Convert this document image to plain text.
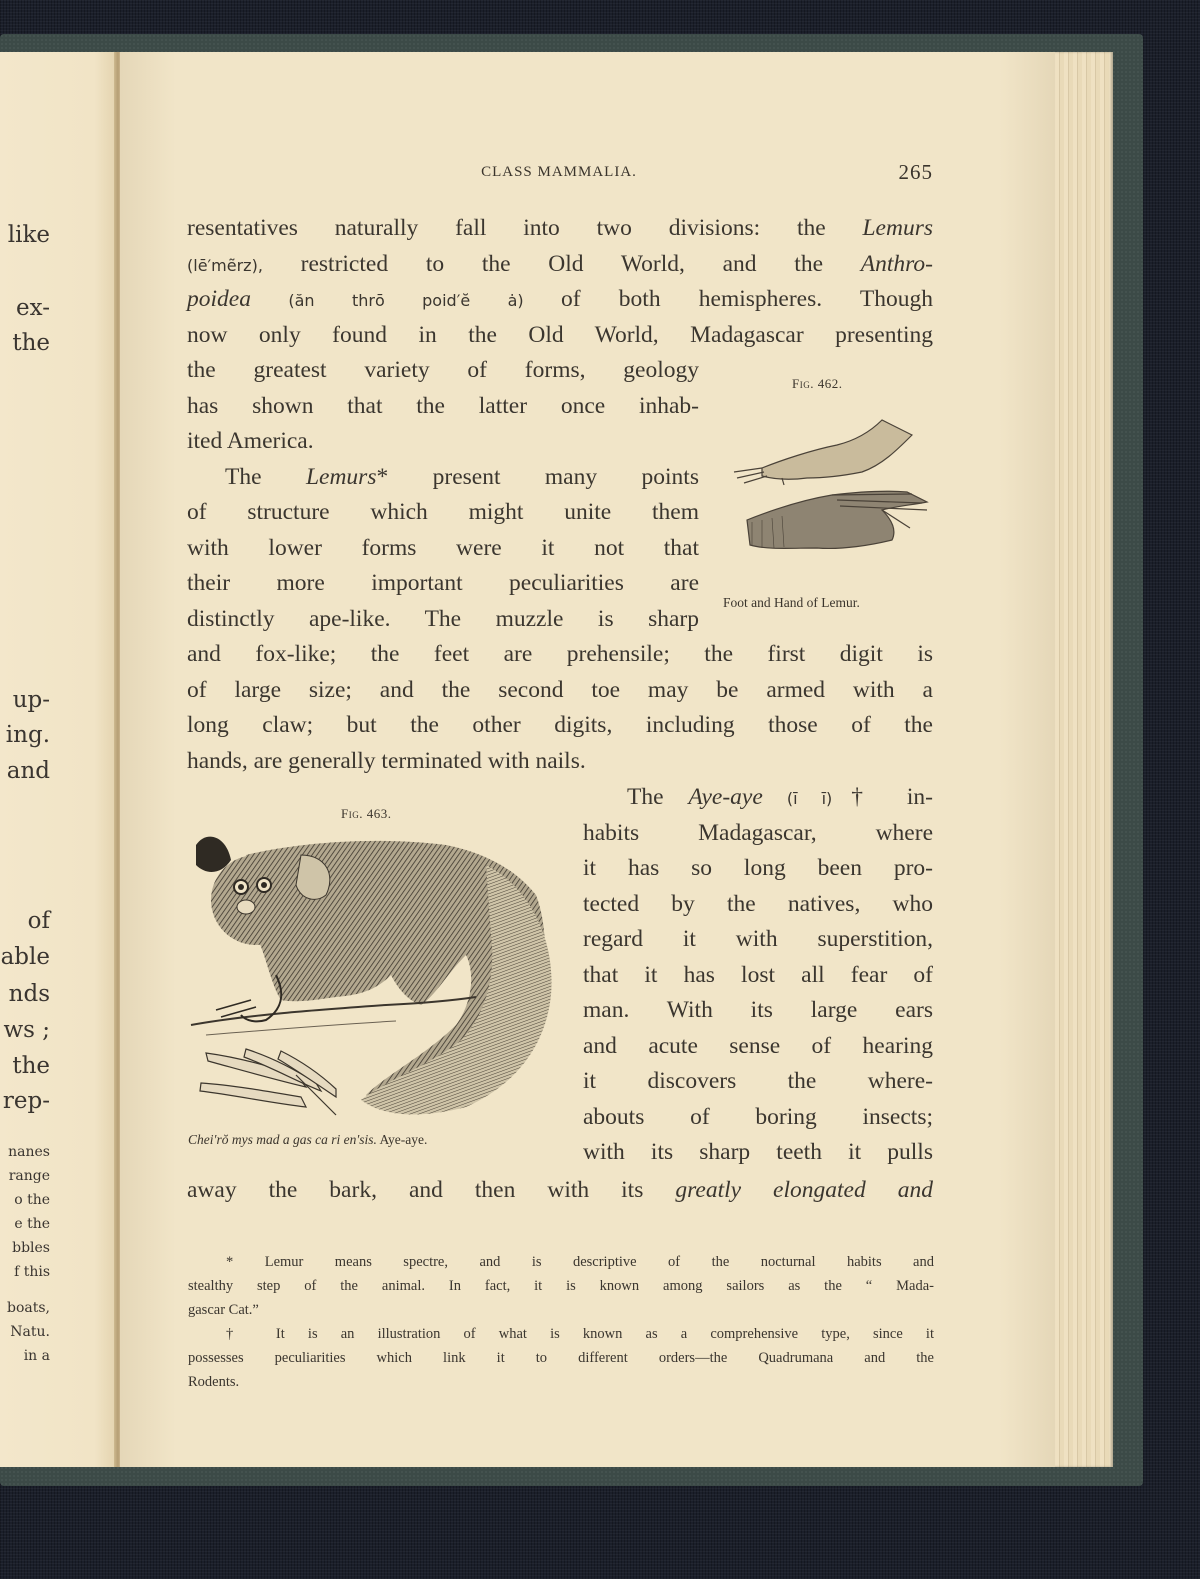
like
ex-
the
up-
ing.
and
of
able
nds
ws ;
the
rep-
nanes
range
o the
e the
bbles
f this
boats,
Natu.
in a
CLASS MAMMALIA.	265
resentatives naturally fall into two divisions: the Lemurs
(lē′mẽrz), restricted to the Old World, and the Anthro-
poidea (ăn thrō poid′ĕ ȧ) of both hemispheres. Though
now only found in the Old World, Madagascar presenting
the greatest variety of forms, geology
has shown that the latter once inhab-
ited America.
The Lemurs* present many points
of structure which might unite them
with lower forms were it not that
their more important peculiarities are
distinctly ape-like. The muzzle is sharp
and fox-like; the feet are prehensile; the first digit is
of large size; and the second toe may be armed with a
long claw; but the other digits, including those of the
hands, are generally terminated with nails.
Fig. 462.
Foot and Hand of Lemur.
Fig. 463.
Chei′rŏ mys mad a gas ca ri en′sis. Aye-aye.
The Aye-aye (ī ī)† in-
habits Madagascar, where
it has so long been pro-
tected by the natives, who
regard it with superstition,
that it has lost all fear of
man. With its large ears
and acute sense of hearing
it discovers the where-
abouts of boring insects;
with its sharp teeth it pulls
away the bark, and then with its greatly elongated and
* Lemur means spectre, and is descriptive of the nocturnal habits and
stealthy step of the animal. In fact, it is known among sailors as the “ Mada-
gascar Cat.”
† It is an illustration of what is known as a comprehensive type, since it
possesses peculiarities which link it to different orders—the Quadrumana and the
Rodents.
